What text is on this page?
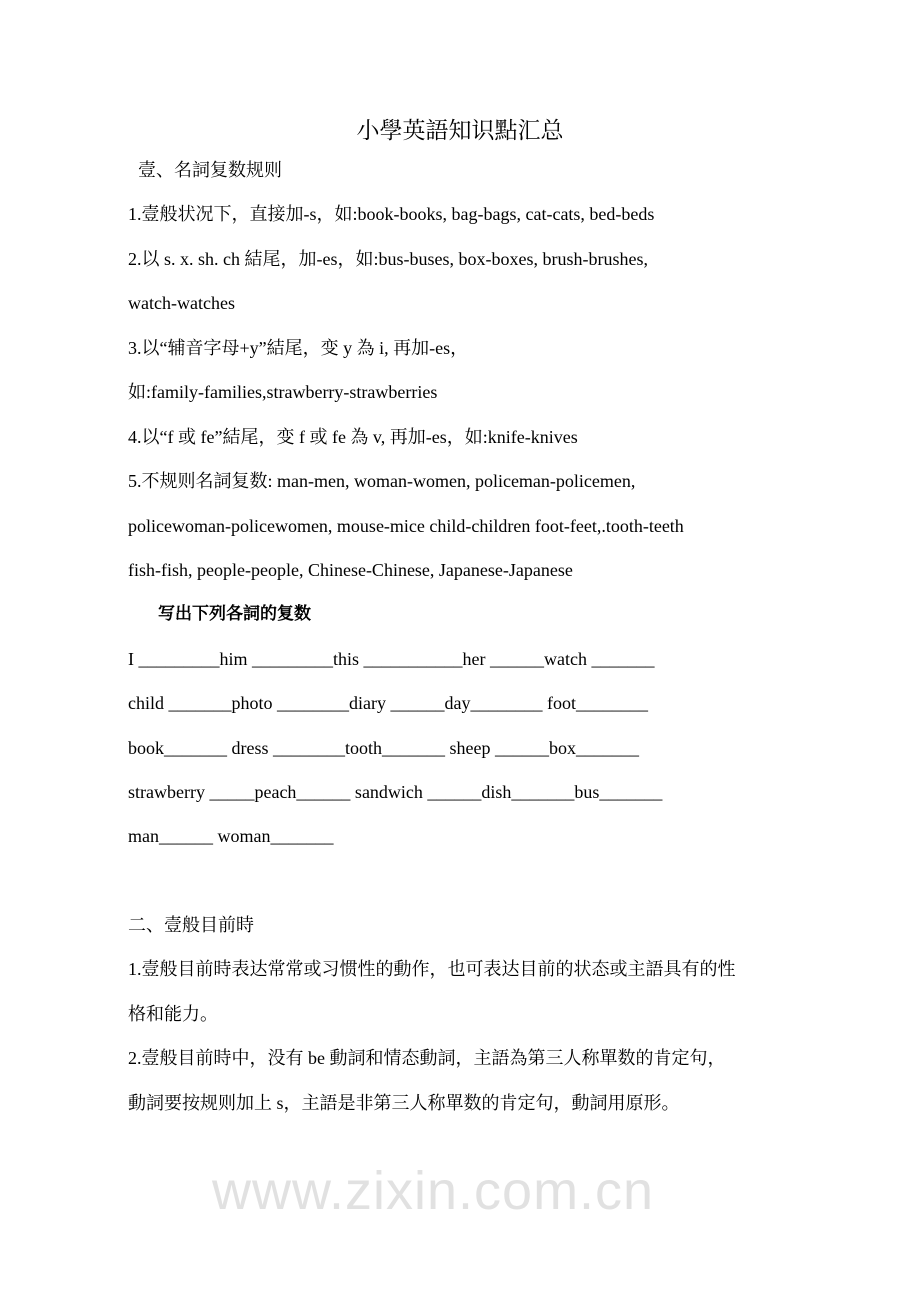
小學英語知识點汇总
壹、名詞复数规则
1.壹般状况下，直接加-s，如:book-books, bag-bags, cat-cats, bed-beds
2.以 s. x. sh. ch 結尾，加-es，如:bus-buses, box-boxes, brush-brushes,
watch-watches
3.以“辅音字母+y”結尾，变 y 為 i, 再加-es，
如:family-families,strawberry-strawberries
4.以“f 或 fe”結尾，变 f 或 fe 為 v, 再加-es，如:knife-knives
5.不规则名詞复数: man-men, woman-women, policeman-policemen,
policewoman-policewomen, mouse-mice child-children foot-feet,.tooth-teeth
fish-fish, people-people, Chinese-Chinese, Japanese-Japanese
写出下列各詞的复数
I _________him _________this ___________her ______watch _______
child _______photo ________diary ______day________ foot________
book_______ dress ________tooth_______ sheep ______box_______
strawberry _____peach______ sandwich ______dish_______bus_______
man______ woman_______
二、壹般目前時
1.壹般目前時表达常常或习惯性的動作，也可表达目前的状态或主語具有的性
格和能力。
2.壹般目前時中，没有 be 動詞和情态動詞，主語為第三人称單数的肯定句，
動詞要按规则加上 s，主語是非第三人称單数的肯定句，動詞用原形。
www.zixin.com.cn
